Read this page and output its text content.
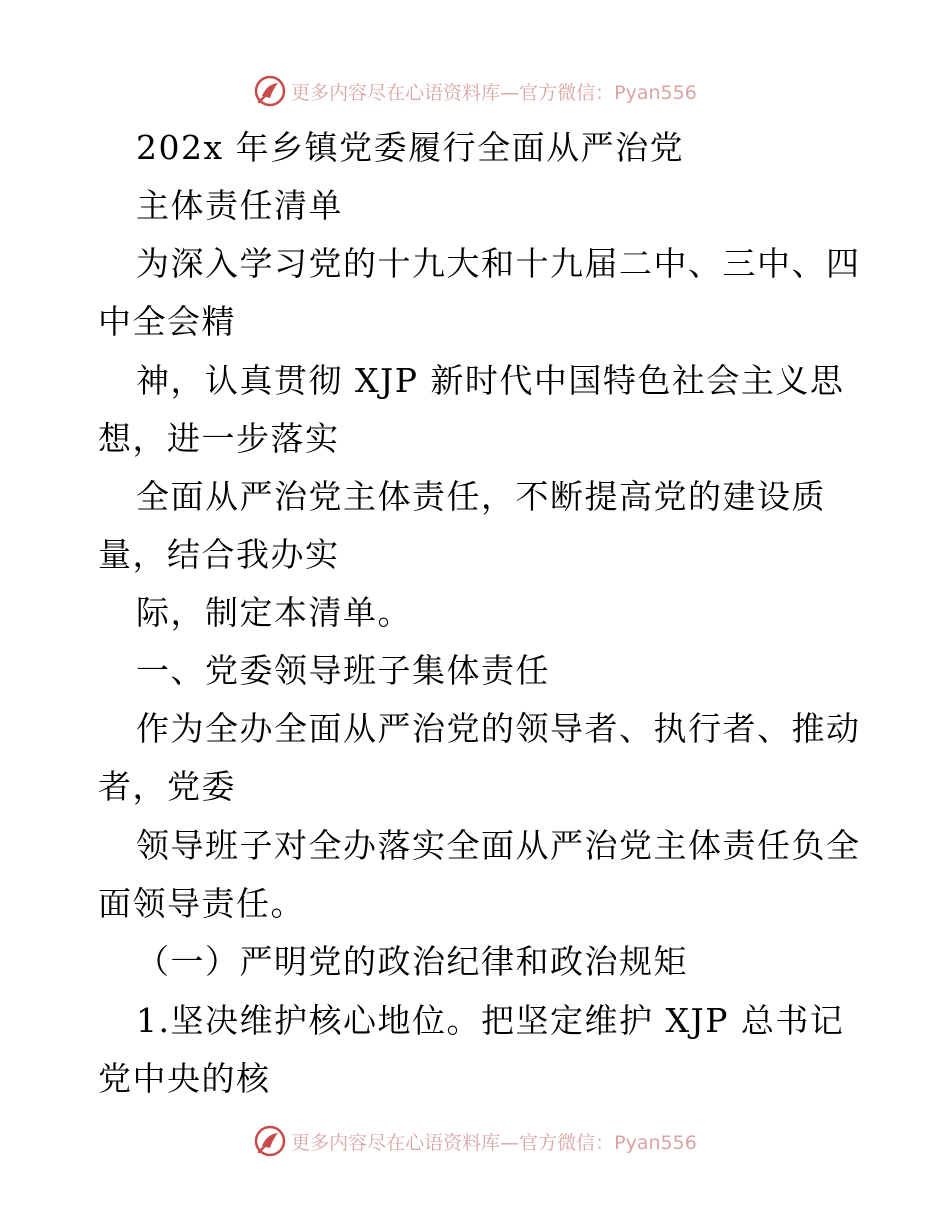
更多内容尽在心语资料库—官方微信：Pyan556
202x 年乡镇党委履行全面从严治党
主体责任清单
为深入学习党的十九大和十九届二中、三中、四
中全会精
神，认真贯彻 XJP 新时代中国特色社会主义思
想，进一步落实
全面从严治党主体责任，不断提高党的建设质
量，结合我办实
际，制定本清单。
一、党委领导班子集体责任
作为全办全面从严治党的领导者、执行者、推动
者，党委
领导班子对全办落实全面从严治党主体责任负全
面领导责任。
（一）严明党的政治纪律和政治规矩
1.坚决维护核心地位。把坚定维护 XJP 总书记
党中央的核
更多内容尽在心语资料库—官方微信：Pyan556
